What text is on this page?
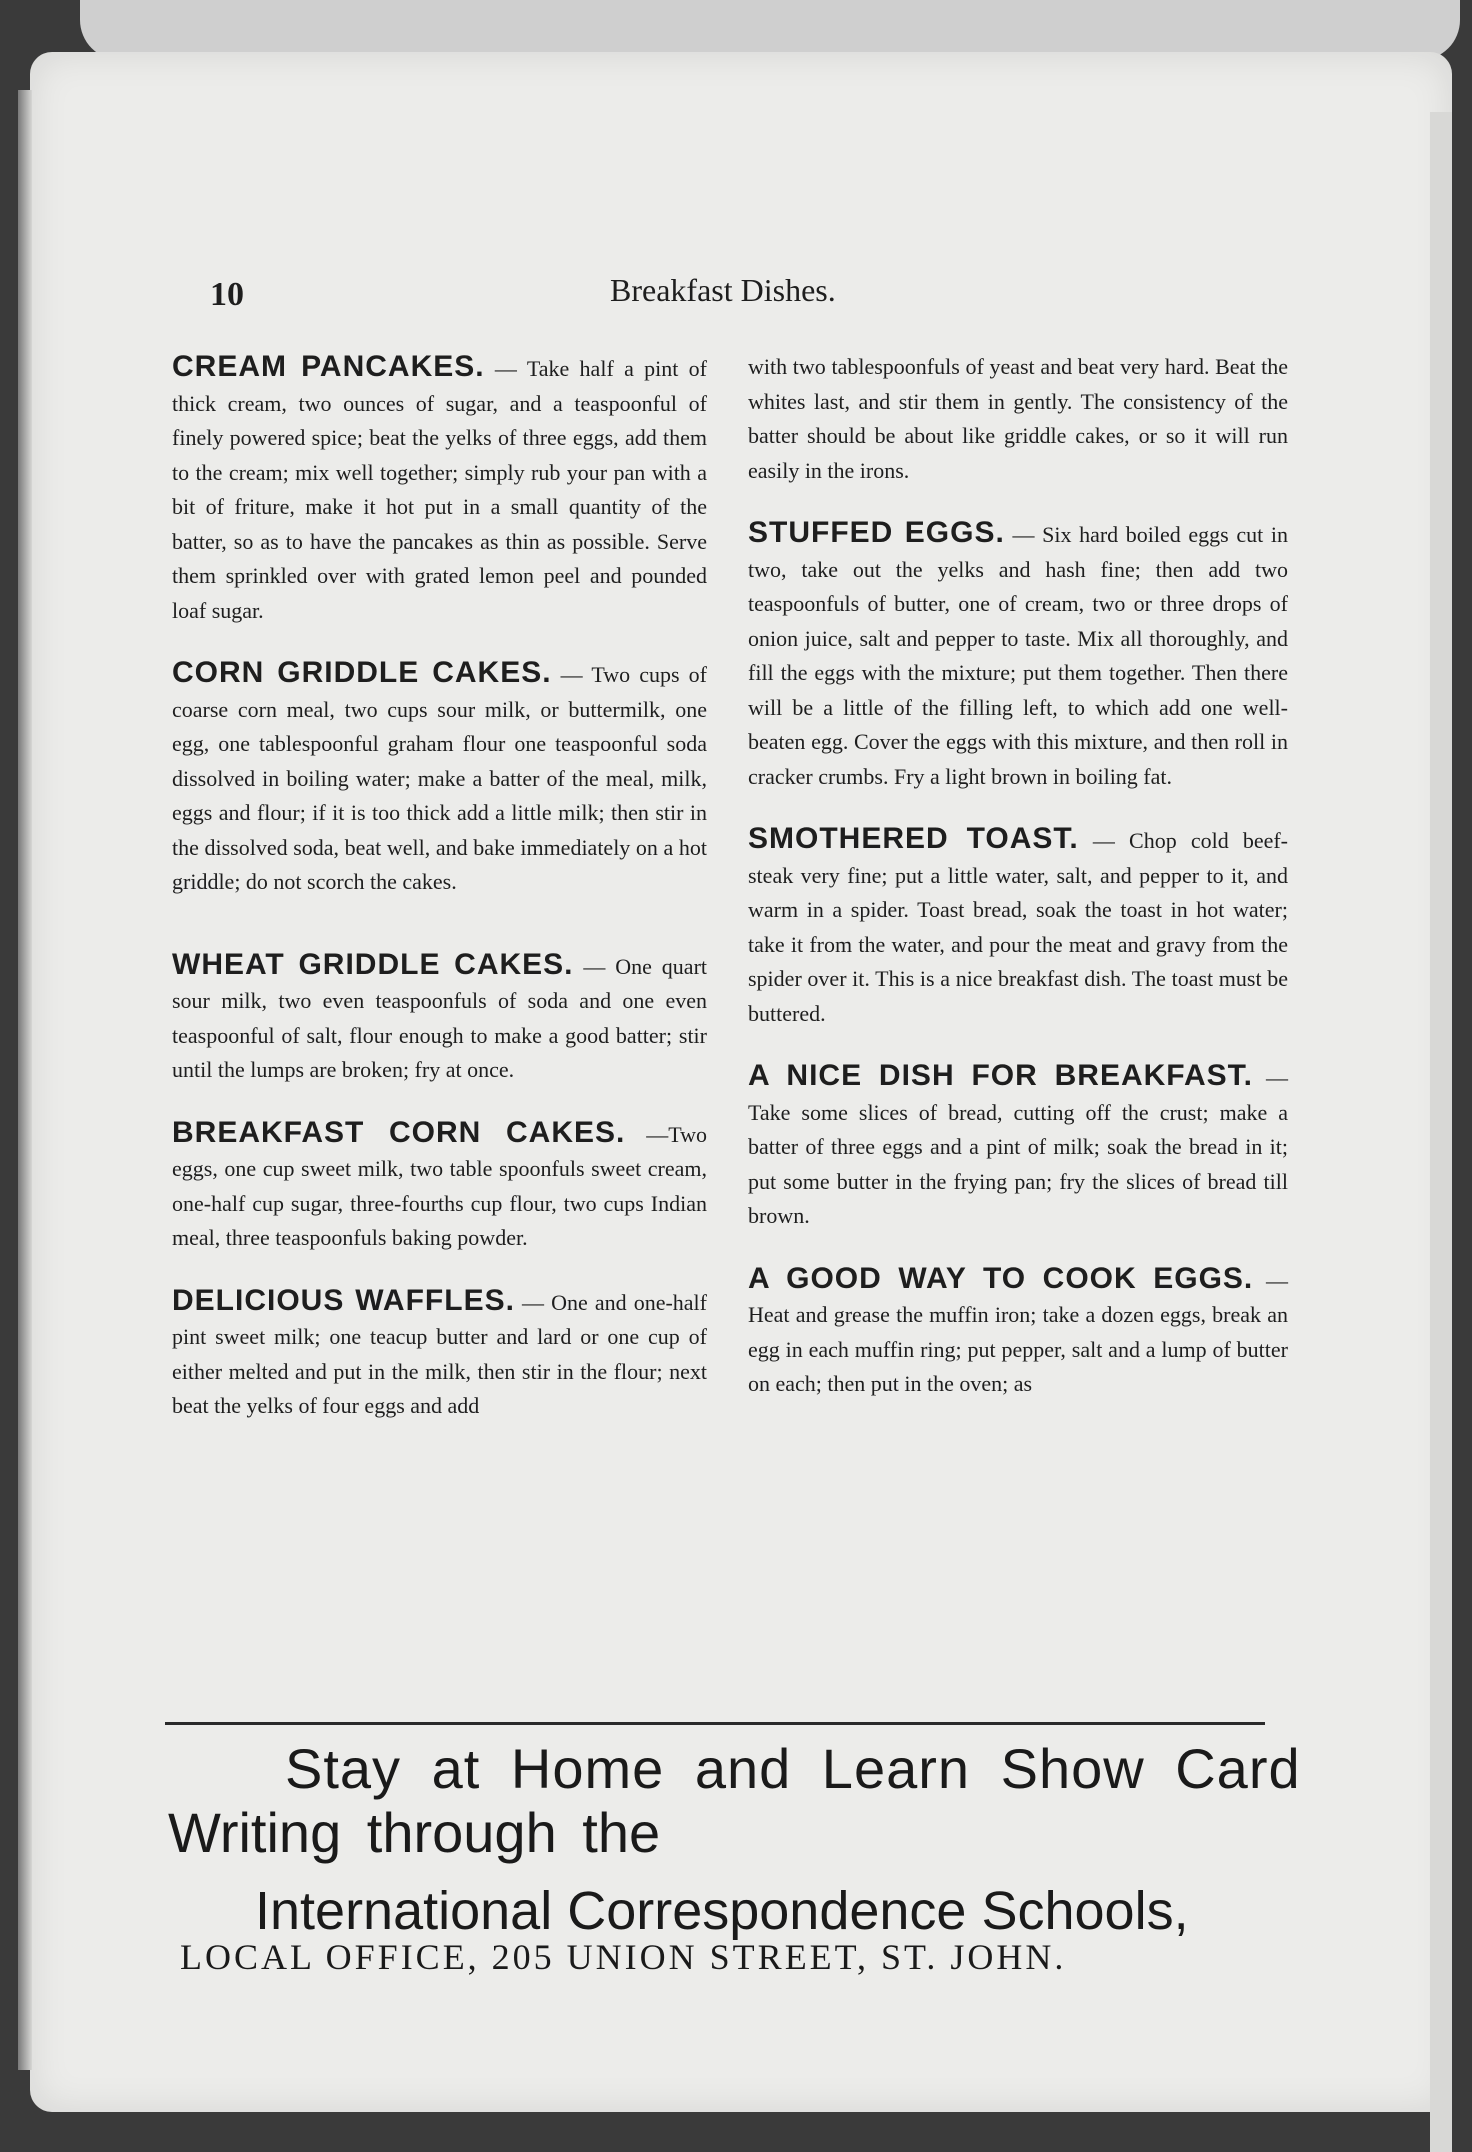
10	Breakfast Dishes.

CREAM PANCAKES. — Take half a pint of thick cream, two ounces of sugar, and a teaspoonful of finely powered spice; beat the yelks of three eggs, add them to the cream; mix well together; simply rub your pan with a bit of friture, make it hot put in a small quantity of the batter, so as to have the pancakes as thin as possible. Serve them sprinkled over with grated lemon peel and pounded loaf sugar.

CORN GRIDDLE CAKES. — Two cups of coarse corn meal, two cups sour milk, or buttermilk, one egg, one tablespoonful graham flour one teaspoonful soda dissolved in boiling water; make a batter of the meal, milk, eggs and flour; if it is too thick add a little milk; then stir in the dissolved soda, beat well, and bake immediately on a hot griddle; do not scorch the cakes.

WHEAT GRIDDLE CAKES. — One quart sour milk, two even teaspoonfuls of soda and one even teaspoonful of salt, flour enough to make a good batter; stir until the lumps are broken; fry at once.

BREAKFAST CORN CAKES. —Two eggs, one cup sweet milk, two table spoonfuls sweet cream, one-half cup sugar, three-fourths cup flour, two cups Indian meal, three teaspoonfuls baking powder.

DELICIOUS WAFFLES. — One and one-half pint sweet milk; one teacup butter and lard or one cup of either melted and put in the milk, then stir in the flour; next beat the yelks of four eggs and add

with two tablespoonfuls of yeast and beat very hard. Beat the whites last, and stir them in gently. The consistency of the batter should be about like griddle cakes, or so it will run easily in the irons.

STUFFED EGGS. — Six hard boiled eggs cut in two, take out the yelks and hash fine; then add two teaspoonfuls of butter, one of cream, two or three drops of onion juice, salt and pepper to taste. Mix all thoroughly, and fill the eggs with the mixture; put them together. Then there will be a little of the filling left, to which add one well-beaten egg. Cover the eggs with this mixture, and then roll in cracker crumbs. Fry a light brown in boiling fat.

SMOTHERED TOAST. — Chop cold beef-steak very fine; put a little water, salt, and pepper to it, and warm in a spider. Toast bread, soak the toast in hot water; take it from the water, and pour the meat and gravy from the spider over it. This is a nice breakfast dish. The toast must be buttered.

A NICE DISH FOR BREAKFAST. — Take some slices of bread, cutting off the crust; make a batter of three eggs and a pint of milk; soak the bread in it; put some butter in the frying pan; fry the slices of bread till brown.

A GOOD WAY TO COOK EGGS. — Heat and grease the muffin iron; take a dozen eggs, break an egg in each muffin ring; put pepper, salt and a lump of butter on each; then put in the oven; as

Stay at Home and Learn Show Card
Writing through the
International Correspondence Schools,
LOCAL OFFICE, 205 UNION STREET, ST. JOHN.
